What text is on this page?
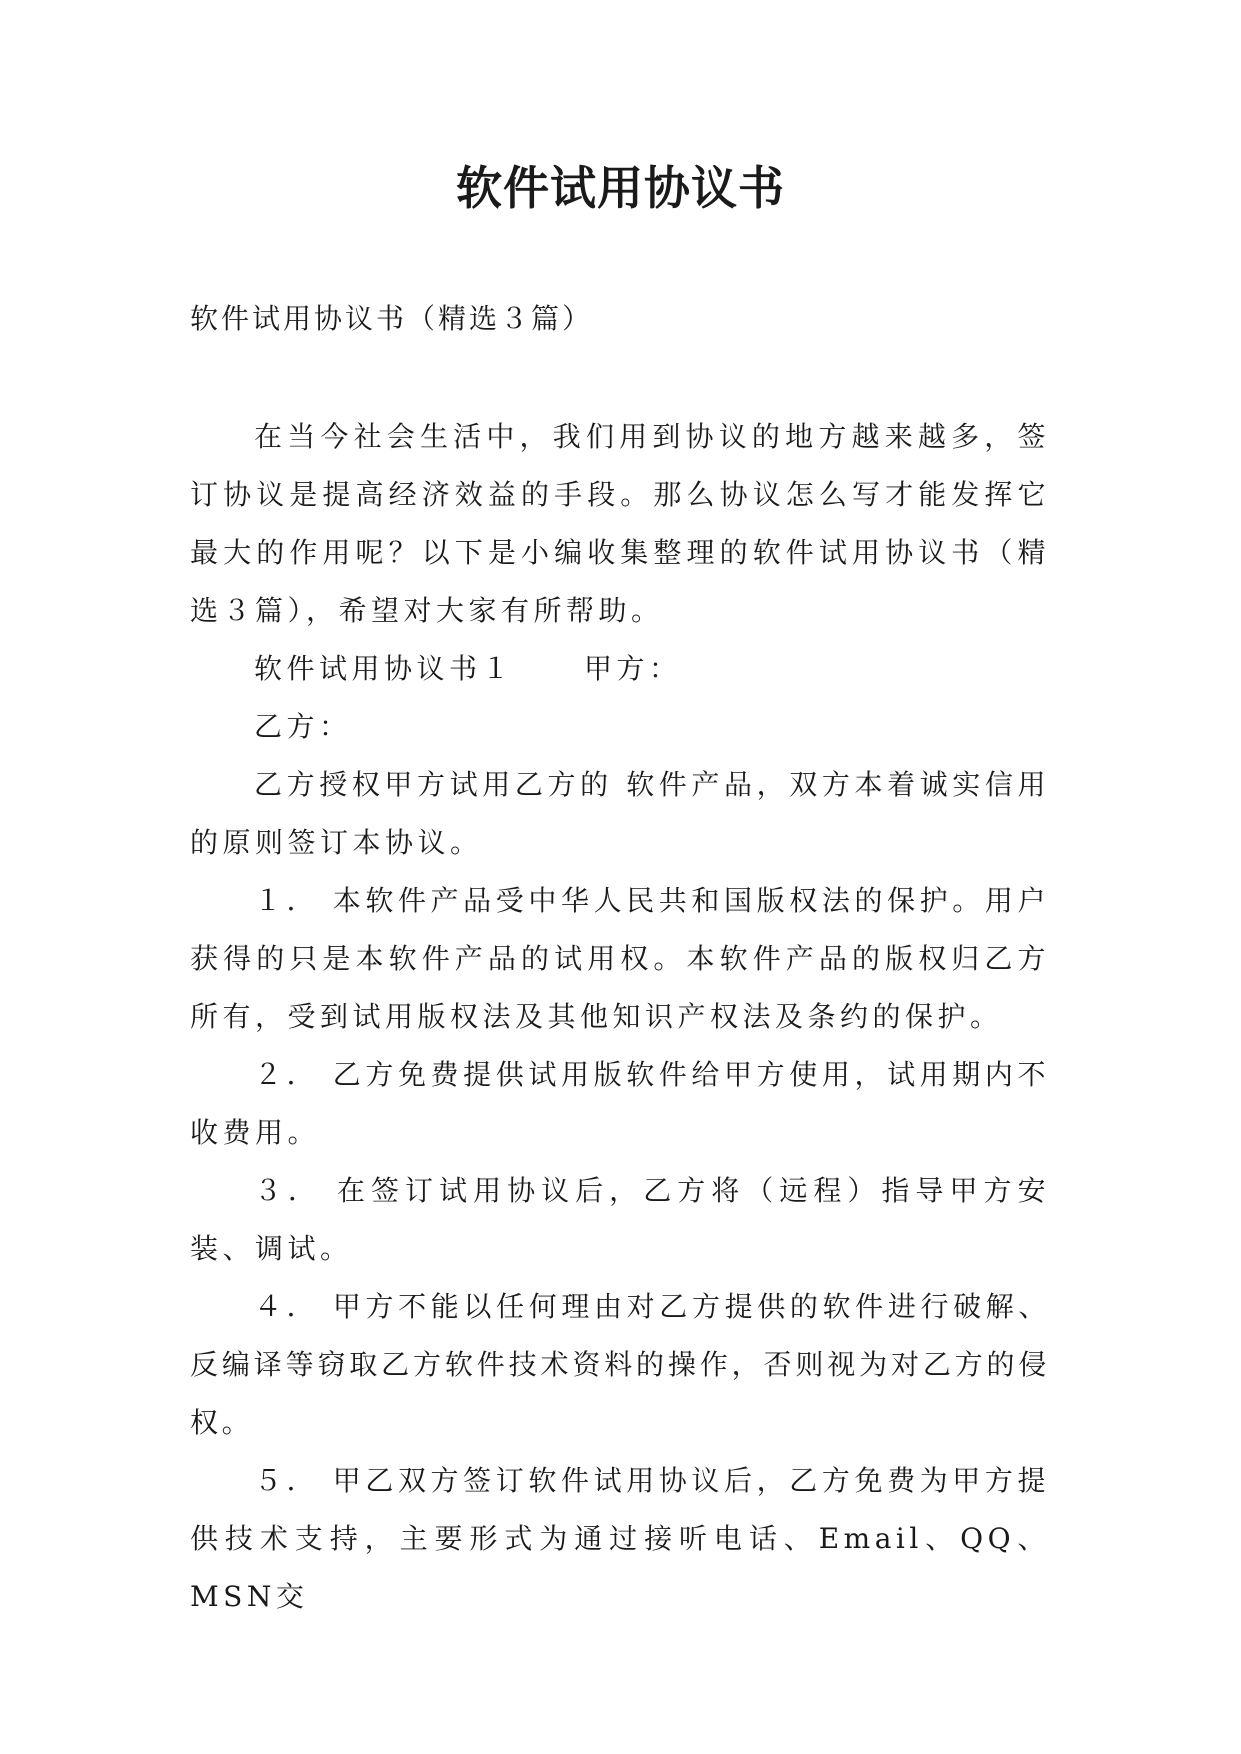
软件试用协议书
软件试用协议书（精选３篇）

在当今社会生活中，我们用到协议的地方越来越多，签订协议是提高经济效益的手段。那么协议怎么写才能发挥它最大的作用呢？以下是小编收集整理的软件试用协议书（精选３篇），希望对大家有所帮助。

软件试用协议书１	甲方：

乙方：

乙方授权甲方试用乙方的 软件产品，双方本着诚实信用的原则签订本协议。

１． 本软件产品受中华人民共和国版权法的保护。用户获得的只是本软件产品的试用权。本软件产品的版权归乙方所有，受到试用版权法及其他知识产权法及条约的保护。

２． 乙方免费提供试用版软件给甲方使用，试用期内不收费用。

３． 在签订试用协议后，乙方将（远程）指导甲方安装、调试。

４． 甲方不能以任何理由对乙方提供的软件进行破解、反编译等窃取乙方软件技术资料的操作，否则视为对乙方的侵权。

５． 甲乙双方签订软件试用协议后，乙方免费为甲方提供技术支持，主要形式为通过接听电话、Email、QQ、MSN交
